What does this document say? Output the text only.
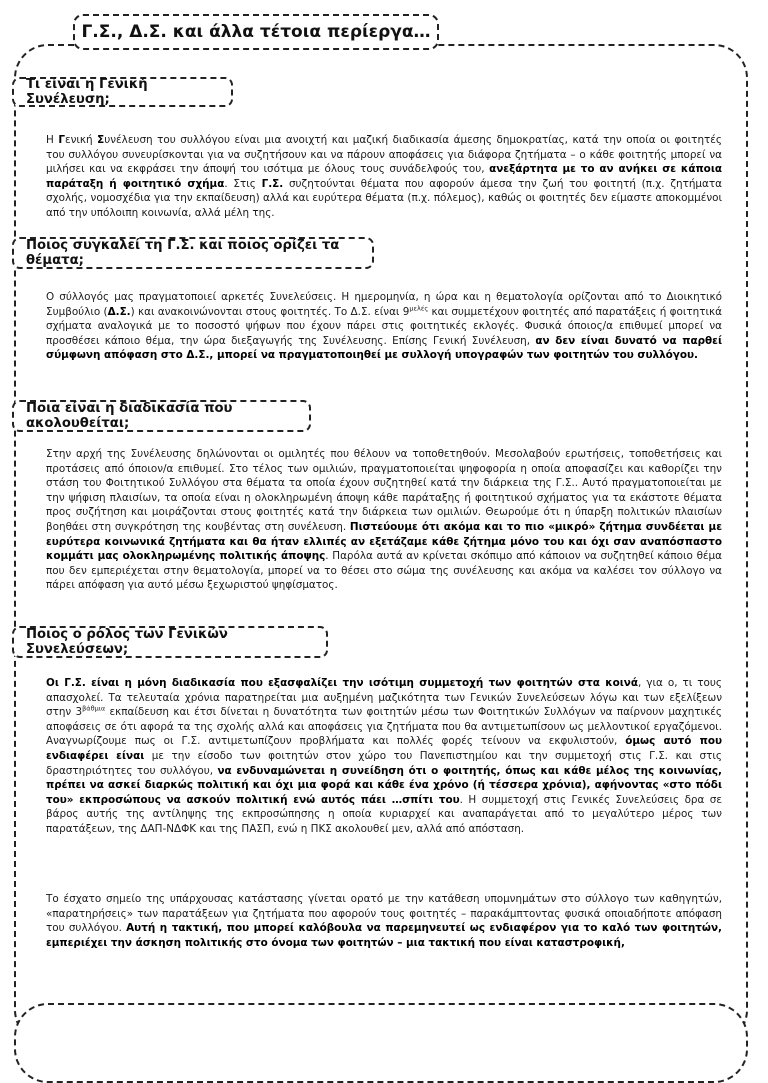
Γ.Σ., Δ.Σ. και άλλα τέτοια περίεργα…
Τι είναι η Γενική Συνέλευση;

Η Γενική Συνέλευση του συλλόγου είναι μια ανοιχτή και μαζική διαδικασία άμεσης δημοκρατίας, κατά την οποία οι φοιτητές του συλλόγου συνευρίσκονται για να συζητήσουν και να πάρουν αποφάσεις για διάφορα ζητήματα – ο κάθε φοιτητής μπορεί να μιλήσει και να εκφράσει την άποψή του ισότιμα με όλους τους συνάδελφούς του, ανεξάρτητα με το αν ανήκει σε κάποια παράταξη ή φοιτητικό σχήμα. Στις Γ.Σ. συζητούνται θέματα που αφορούν άμεσα την ζωή του φοιτητή (π.χ. ζητήματα σχολής, νομοσχέδια για την εκπαίδευση) αλλά και ευρύτερα θέματα (π.χ. πόλεμος), καθώς οι φοιτητές δεν είμαστε αποκομμένοι από την υπόλοιπη κοινωνία, αλλά μέλη της.

Ποιος συγκαλεί τη Γ.Σ. και ποιος ορίζει τα θέματα;

Ο σύλλογός μας πραγματοποιεί αρκετές Συνελεύσεις. Η ημερομηνία, η ώρα και η θεματολογία ορίζονται από το Διοικητικό Συμβούλιο (Δ.Σ.) και ανακοινώνονται στους φοιτητές. Το Δ.Σ. είναι $9^{\mu\varepsilon\lambda έ\varsigma}$ και συμμετέχουν φοιτητές από παρατάξεις ή φοιτητικά σχήματα αναλογικά με το ποσοστό ψήφων που έχουν πάρει στις φοιτητικές εκλογές. Φυσικά όποιος/α επιθυμεί μπορεί να προσθέσει κάποιο θέμα, την ώρα διεξαγωγής της Συνέλευσης. Επίσης Γενική Συνέλευση, αν δεν είναι δυνατό να παρθεί σύμφωνη απόφαση στο Δ.Σ., μπορεί να πραγματοποιηθεί με συλλογή υπογραφών των φοιτητών του συλλόγου.

Ποια είναι η διαδικασία που ακολουθείται;

Στην αρχή της Συνέλευσης δηλώνονται οι ομιλητές που θέλουν να τοποθετηθούν. Μεσολαβούν ερωτήσεις, τοποθετήσεις και προτάσεις από όποιον/α επιθυμεί. Στο τέλος των ομιλιών, πραγματοποιείται ψηφοφορία η οποία αποφασίζει και καθορίζει την στάση του Φοιτητικού Συλλόγου στα θέματα τα οποία έχουν συζητηθεί κατά την διάρκεια της Γ.Σ.. Αυτό πραγματοποιείται με την ψήφιση πλαισίων, τα οποία είναι η ολοκληρωμένη άποψη κάθε παράταξης ή φοιτητικού σχήματος για τα εκάστοτε θέματα προς συζήτηση και μοιράζονται στους φοιτητές κατά την διάρκεια των ομιλιών. Θεωρούμε ότι η ύπαρξη πολιτικών πλαισίων βοηθάει στη συγκρότηση της κουβέντας στη συνέλευση. Πιστεύουμε ότι ακόμα και το πιο «μικρό» ζήτημα συνδέεται με ευρύτερα κοινωνικά ζητήματα και θα ήταν ελλιπές αν εξετάζαμε κάθε ζήτημα μόνο του και όχι σαν αναπόσπαστο κομμάτι μας ολοκληρωμένης πολιτικής άποψης. Παρόλα αυτά αν κρίνεται σκόπιμο από κάποιον να συζητηθεί κάποιο θέμα που δεν εμπεριέχεται στην θεματολογία, μπορεί να το θέσει στο σώμα της συνέλευσης και ακόμα να καλέσει τον σύλλογο να πάρει απόφαση για αυτό μέσω ξεχωριστού ψηφίσματος.

Ποιος ο ρόλος των Γενικών Συνελεύσεων;

Οι Γ.Σ. είναι η μόνη διαδικασία που εξασφαλίζει την ισότιμη συμμετοχή των φοιτητών στα κοινά, για ο, τι τους απασχολεί. Τα τελευταία χρόνια παρατηρείται μια αυξημένη μαζικότητα των Γενικών Συνελεύσεων λόγω και των εξελίξεων στην $3^{\beta ά\theta\mu\iota\alpha}$ εκπαίδευση και έτσι δίνεται η δυνατότητα των φοιτητών μέσω των Φοιτητικών Συλλόγων να παίρνουν μαχητικές αποφάσεις σε ότι αφορά τα της σχολής αλλά και αποφάσεις για ζητήματα που θα αντιμετωπίσουν ως μελλοντικοί εργαζόμενοι. Αναγνωρίζουμε πως οι Γ.Σ. αντιμετωπίζουν προβλήματα και πολλές φορές τείνουν να εκφυλιστούν, όμως αυτό που ενδιαφέρει είναι με την είσοδο των φοιτητών στον χώρο του Πανεπιστημίου και την συμμετοχή στις Γ.Σ. και στις δραστηριότητες του συλλόγου, να ενδυναμώνεται η συνείδηση ότι ο φοιτητής, όπως και κάθε μέλος της κοινωνίας, πρέπει να ασκεί διαρκώς πολιτική και όχι μια φορά και κάθε ένα χρόνο (ή τέσσερα χρόνια), αφήνοντας «στο πόδι του» εκπροσώπους να ασκούν πολιτική ενώ αυτός πάει …σπίτι του. Η συμμετοχή στις Γενικές Συνελεύσεις δρα σε βάρος αυτής της αντίληψης της εκπροσώπησης η οποία κυριαρχεί και αναπαράγεται από το μεγαλύτερο μέρος των παρατάξεων, της ΔΑΠ-ΝΔΦΚ και της ΠΑΣΠ, ενώ η ΠΚΣ ακολουθεί μεν, αλλά από απόσταση.

Το έσχατο σημείο της υπάρχουσας κατάστασης γίνεται ορατό με την κατάθεση υπομνημάτων στο σύλλογο των καθηγητών, «παρατηρήσεις» των παρατάξεων για ζητήματα που αφορούν τους φοιτητές – παρακάμπτοντας φυσικά οποιαδήποτε απόφαση του συλλόγου. Αυτή η τακτική, που μπορεί καλόβουλα να παρεμηνευτεί ως ενδιαφέρον για το καλό των φοιτητών, εμπεριέχει την άσκηση πολιτικής στο όνομα των φοιτητών – μια τακτική που είναι καταστροφική,
